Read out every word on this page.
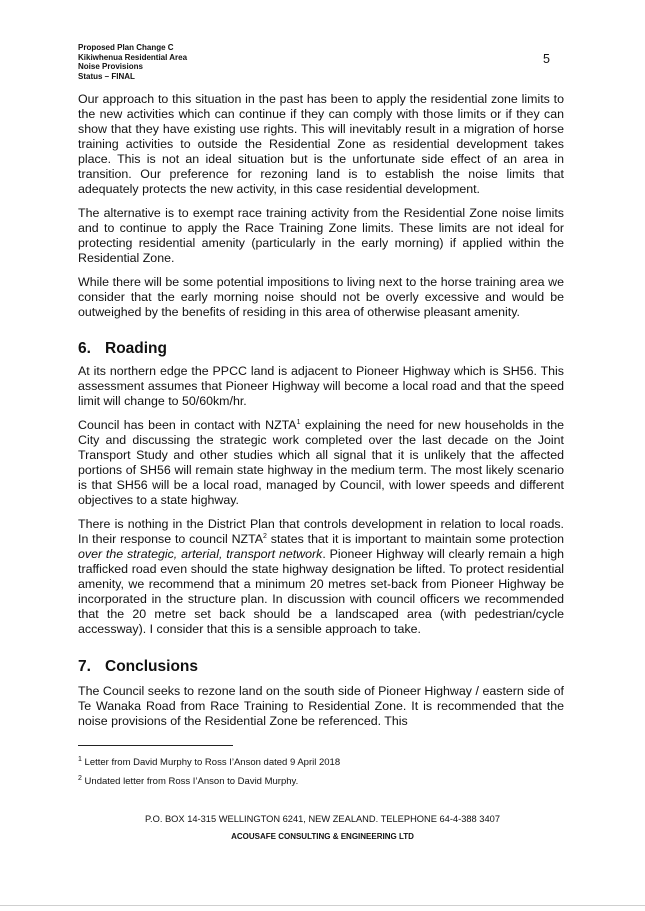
Proposed Plan Change C
Kikiwhenua Residential Area
Noise Provisions
Status – FINAL
5

Our approach to this situation in the past has been to apply the residential zone limits to the new activities which can continue if they can comply with those limits or if they can show that they have existing use rights. This will inevitably result in a migration of horse training activities to outside the Residential Zone as residential development takes place. This is not an ideal situation but is the unfortunate side effect of an area in transition. Our preference for rezoning land is to establish the noise limits that adequately protects the new activity, in this case residential development.

The alternative is to exempt race training activity from the Residential Zone noise limits and to continue to apply the Race Training Zone limits. These limits are not ideal for protecting residential amenity (particularly in the early morning) if applied within the Residential Zone.

While there will be some potential impositions to living next to the horse training area we consider that the early morning noise should not be overly excessive and would be outweighed by the benefits of residing in this area of otherwise pleasant amenity.

6. Roading

At its northern edge the PPCC land is adjacent to Pioneer Highway which is SH56. This assessment assumes that Pioneer Highway will become a local road and that the speed limit will change to 50/60km/hr.

Council has been in contact with NZTA$^1$ explaining the need for new households in the City and discussing the strategic work completed over the last decade on the Joint Transport Study and other studies which all signal that it is unlikely that the affected portions of SH56 will remain state highway in the medium term. The most likely scenario is that SH56 will be a local road, managed by Council, with lower speeds and different objectives to a state highway.

There is nothing in the District Plan that controls development in relation to local roads. In their response to council NZTA$^2$ states that it is important to maintain some protection over the strategic, arterial, transport network. Pioneer Highway will clearly remain a high trafficked road even should the state highway designation be lifted. To protect residential amenity, we recommend that a minimum 20 metres set-back from Pioneer Highway be incorporated in the structure plan. In discussion with council officers we recommended that the 20 metre set back should be a landscaped area (with pedestrian/cycle accessway). I consider that this is a sensible approach to take.

7. Conclusions

The Council seeks to rezone land on the south side of Pioneer Highway / eastern side of Te Wanaka Road from Race Training to Residential Zone. It is recommended that the noise provisions of the Residential Zone be referenced. This

$^1$ Letter from David Murphy to Ross I’Anson dated 9 April 2018
$^2$ Undated letter from Ross I’Anson to David Murphy.
P.O. BOX 14-315 WELLINGTON 6241, NEW ZEALAND. TELEPHONE 64-4-388 3407
ACOUSAFE CONSULTING & ENGINEERING LTD
